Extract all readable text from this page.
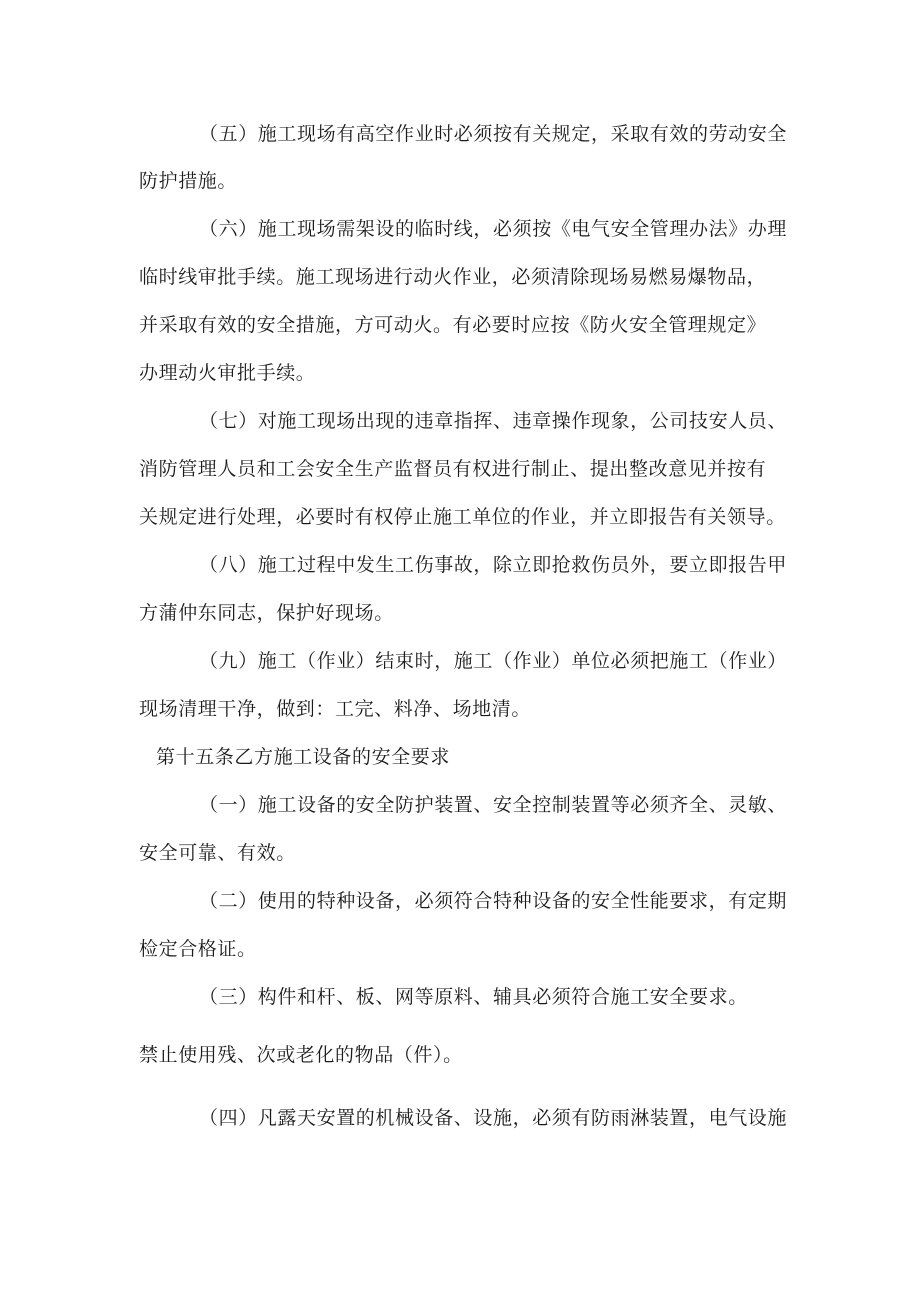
（五）施工现场有高空作业时必须按有关规定，采取有效的劳动安全
防护措施。
（六）施工现场需架设的临时线，必须按《电气安全管理办法》办理
临时线审批手续。施工现场进行动火作业，必须清除现场易燃易爆物品，
并采取有效的安全措施，方可动火。有必要时应按《防火安全管理规定》
办理动火审批手续。
（七）对施工现场出现的违章指挥、违章操作现象，公司技安人员、
消防管理人员和工会安全生产监督员有权进行制止、提出整改意见并按有
关规定进行处理，必要时有权停止施工单位的作业，并立即报告有关领导。
（八）施工过程中发生工伤事故，除立即抢救伤员外，要立即报告甲
方蒲仲东同志，保护好现场。
（九）施工（作业）结束时，施工（作业）单位必须把施工（作业）
现场清理干净，做到：工完、料净、场地清。
第十五条乙方施工设备的安全要求
（一）施工设备的安全防护装置、安全控制装置等必须齐全、灵敏、
安全可靠、有效。
（二）使用的特种设备，必须符合特种设备的安全性能要求，有定期
检定合格证。
（三）构件和杆、板、网等原料、辅具必须符合施工安全要求。
禁止使用残、次或老化的物品（件）。
（四）凡露天安置的机械设备、设施，必须有防雨淋装置，电气设施
